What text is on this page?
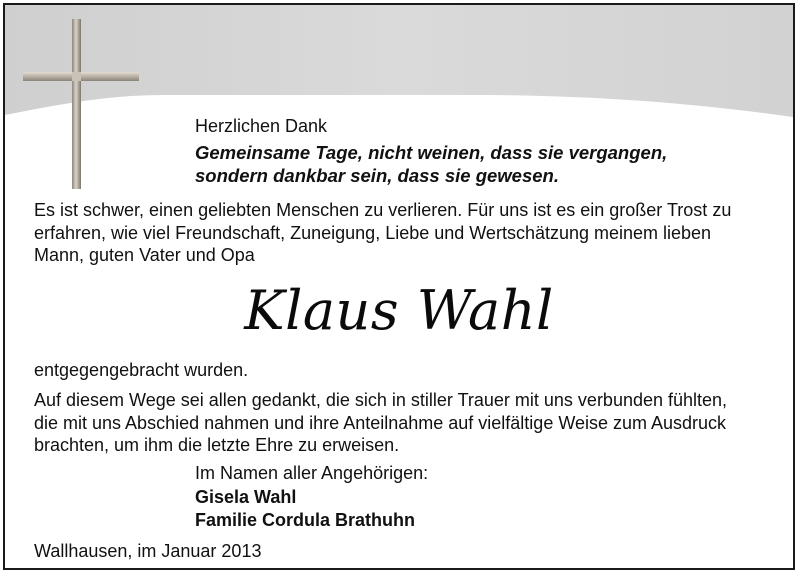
Herzlichen Dank
Gemeinsame Tage, nicht weinen, dass sie vergangen,
sondern dankbar sein, dass sie gewesen.
Es ist schwer, einen geliebten Menschen zu verlieren. Für uns ist es ein großer Trost zu
erfahren, wie viel Freundschaft, Zuneigung, Liebe und Wertschätzung meinem lieben
Mann, guten Vater und Opa
Klaus Wahl
entgegengebracht wurden.
Auf diesem Wege sei allen gedankt, die sich in stiller Trauer mit uns verbunden fühlten,
die mit uns Abschied nahmen und ihre Anteilnahme auf vielfältige Weise zum Ausdruck
brachten, um ihm die letzte Ehre zu erweisen.
Im Namen aller Angehörigen:
Gisela Wahl
Familie Cordula Brathuhn
Wallhausen, im Januar 2013
